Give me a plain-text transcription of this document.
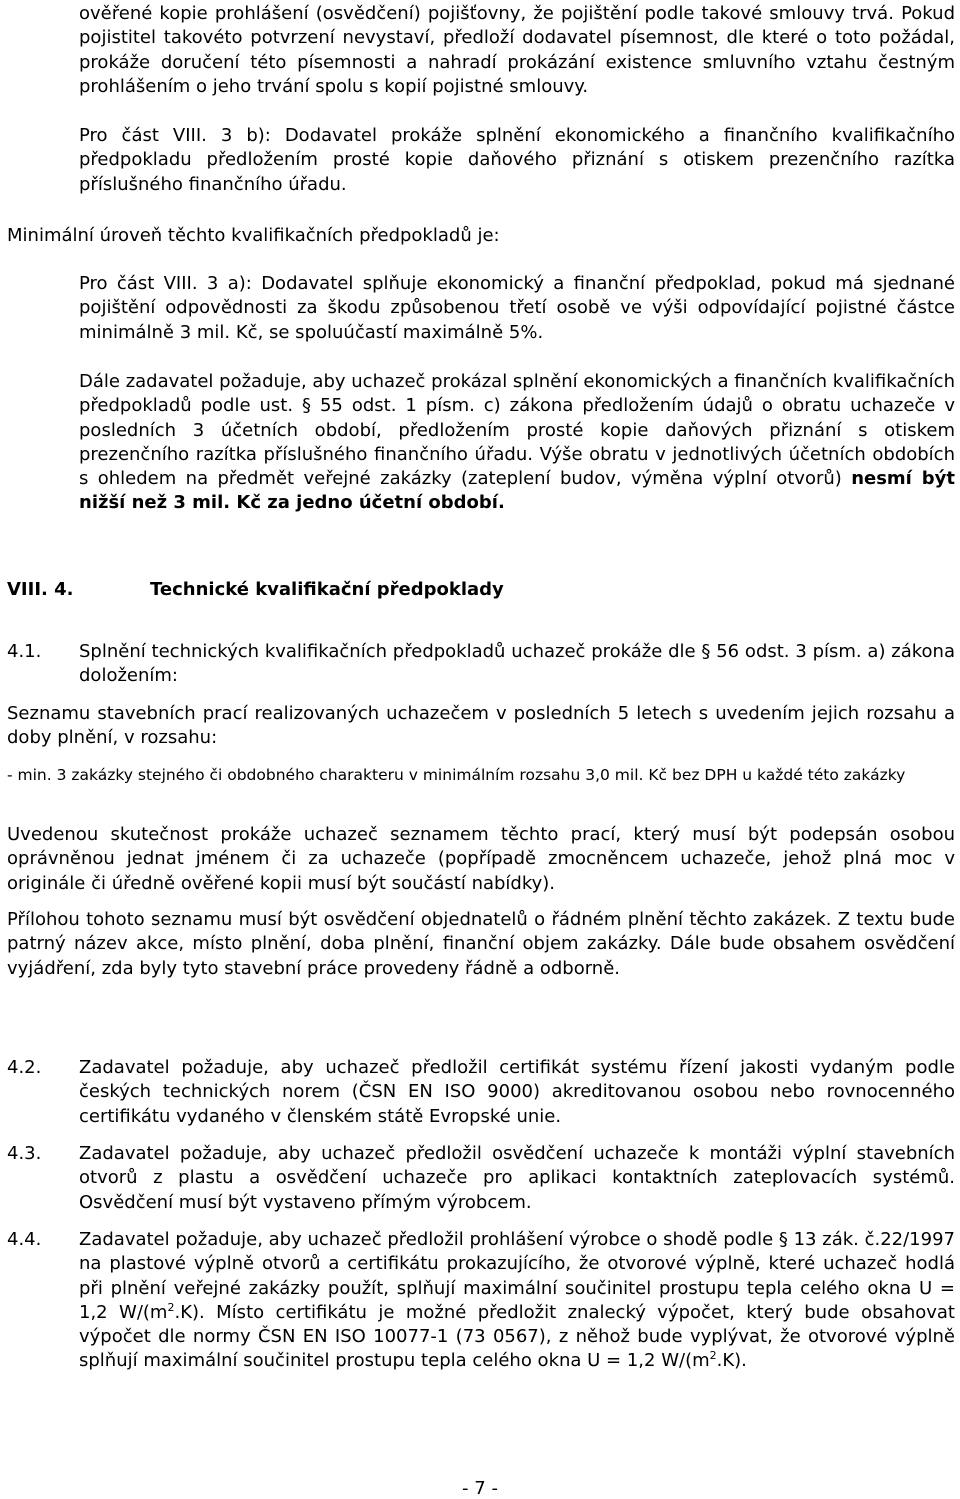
ověřené kopie prohlášení (osvědčení) pojišťovny, že pojištění podle takové smlouvy trvá. Pokud pojistitel takovéto potvrzení nevystaví, předloží dodavatel písemnost, dle které o toto požádal, prokáže doručení této písemnosti a nahradí prokázání existence smluvního vztahu čestným prohlášením o jeho trvání spolu s kopií pojistné smlouvy.
Pro část VIII. 3 b): Dodavatel prokáže splnění ekonomického a finančního kvalifikačního předpokladu předložením prosté kopie daňového přiznání s otiskem prezenčního razítka příslušného finančního úřadu.
Minimální úroveň těchto kvalifikačních předpokladů je:
Pro část VIII. 3 a): Dodavatel splňuje ekonomický a finanční předpoklad, pokud má sjednané pojištění odpovědnosti za škodu způsobenou třetí osobě ve výši odpovídající pojistné částce minimálně 3 mil. Kč, se spoluúčastí maximálně 5%.
Dále zadavatel požaduje, aby uchazeč prokázal splnění ekonomických a finančních kvalifikačních předpokladů podle ust. § 55 odst. 1 písm. c) zákona předložením údajů o obratu uchazeče v posledních 3 účetních období, předložením prosté kopie daňových přiznání s otiskem prezenčního razítka příslušného finančního úřadu. Výše obratu v jednotlivých účetních obdobích s ohledem na předmět veřejné zakázky (zateplení budov, výměna výplní otvorů) nesmí být nižší než 3 mil. Kč za jedno účetní období.
VIII. 4.	Technické kvalifikační předpoklady
4.1. Splnění technických kvalifikačních předpokladů uchazeč prokáže dle § 56 odst. 3 písm. a) zákona doložením:
Seznamu stavebních prací realizovaných uchazečem v posledních 5 letech s uvedením jejich rozsahu a doby plnění, v rozsahu:
- min. 3 zakázky stejného či obdobného charakteru v minimálním rozsahu 3,0 mil. Kč bez DPH u každé této zakázky
Uvedenou skutečnost prokáže uchazeč seznamem těchto prací, který musí být podepsán osobou oprávněnou jednat jménem či za uchazeče (popřípadě zmocněncem uchazeče, jehož plná moc v originále či úředně ověřené kopii musí být součástí nabídky).
Přílohou tohoto seznamu musí být osvědčení objednatelů o řádném plnění těchto zakázek. Z textu bude patrný název akce, místo plnění, doba plnění, finanční objem zakázky. Dále bude obsahem osvědčení vyjádření, zda byly tyto stavební práce provedeny řádně a odborně.
4.2. Zadavatel požaduje, aby uchazeč předložil certifikát systému řízení jakosti vydaným podle českých technických norem (ČSN EN ISO 9000) akreditovanou osobou nebo rovnocenného certifikátu vydaného v členském státě Evropské unie.
4.3. Zadavatel požaduje, aby uchazeč předložil osvědčení uchazeče k montáži výplní stavebních otvorů z plastu a osvědčení uchazeče pro aplikaci kontaktních zateplovacích systémů. Osvědčení musí být vystaveno přímým výrobcem.
4.4. Zadavatel požaduje, aby uchazeč předložil prohlášení výrobce o shodě podle § 13 zák. č.22/1997 na plastové výplně otvorů a certifikátu prokazujícího, že otvorové výplně, které uchazeč hodlá při plnění veřejné zakázky použít, splňují maximální součinitel prostupu tepla celého okna U = 1,2 $W/(m^2.K)$. Místo certifikátu je možné předložit znalecký výpočet, který bude obsahovat výpočet dle normy ČSN EN ISO 10077-1 (73 0567), z něhož bude vyplývat, že otvorové výplně splňují maximální součinitel prostupu tepla celého okna U = 1,2 $W/(m^2.K)$.
- 7 -
